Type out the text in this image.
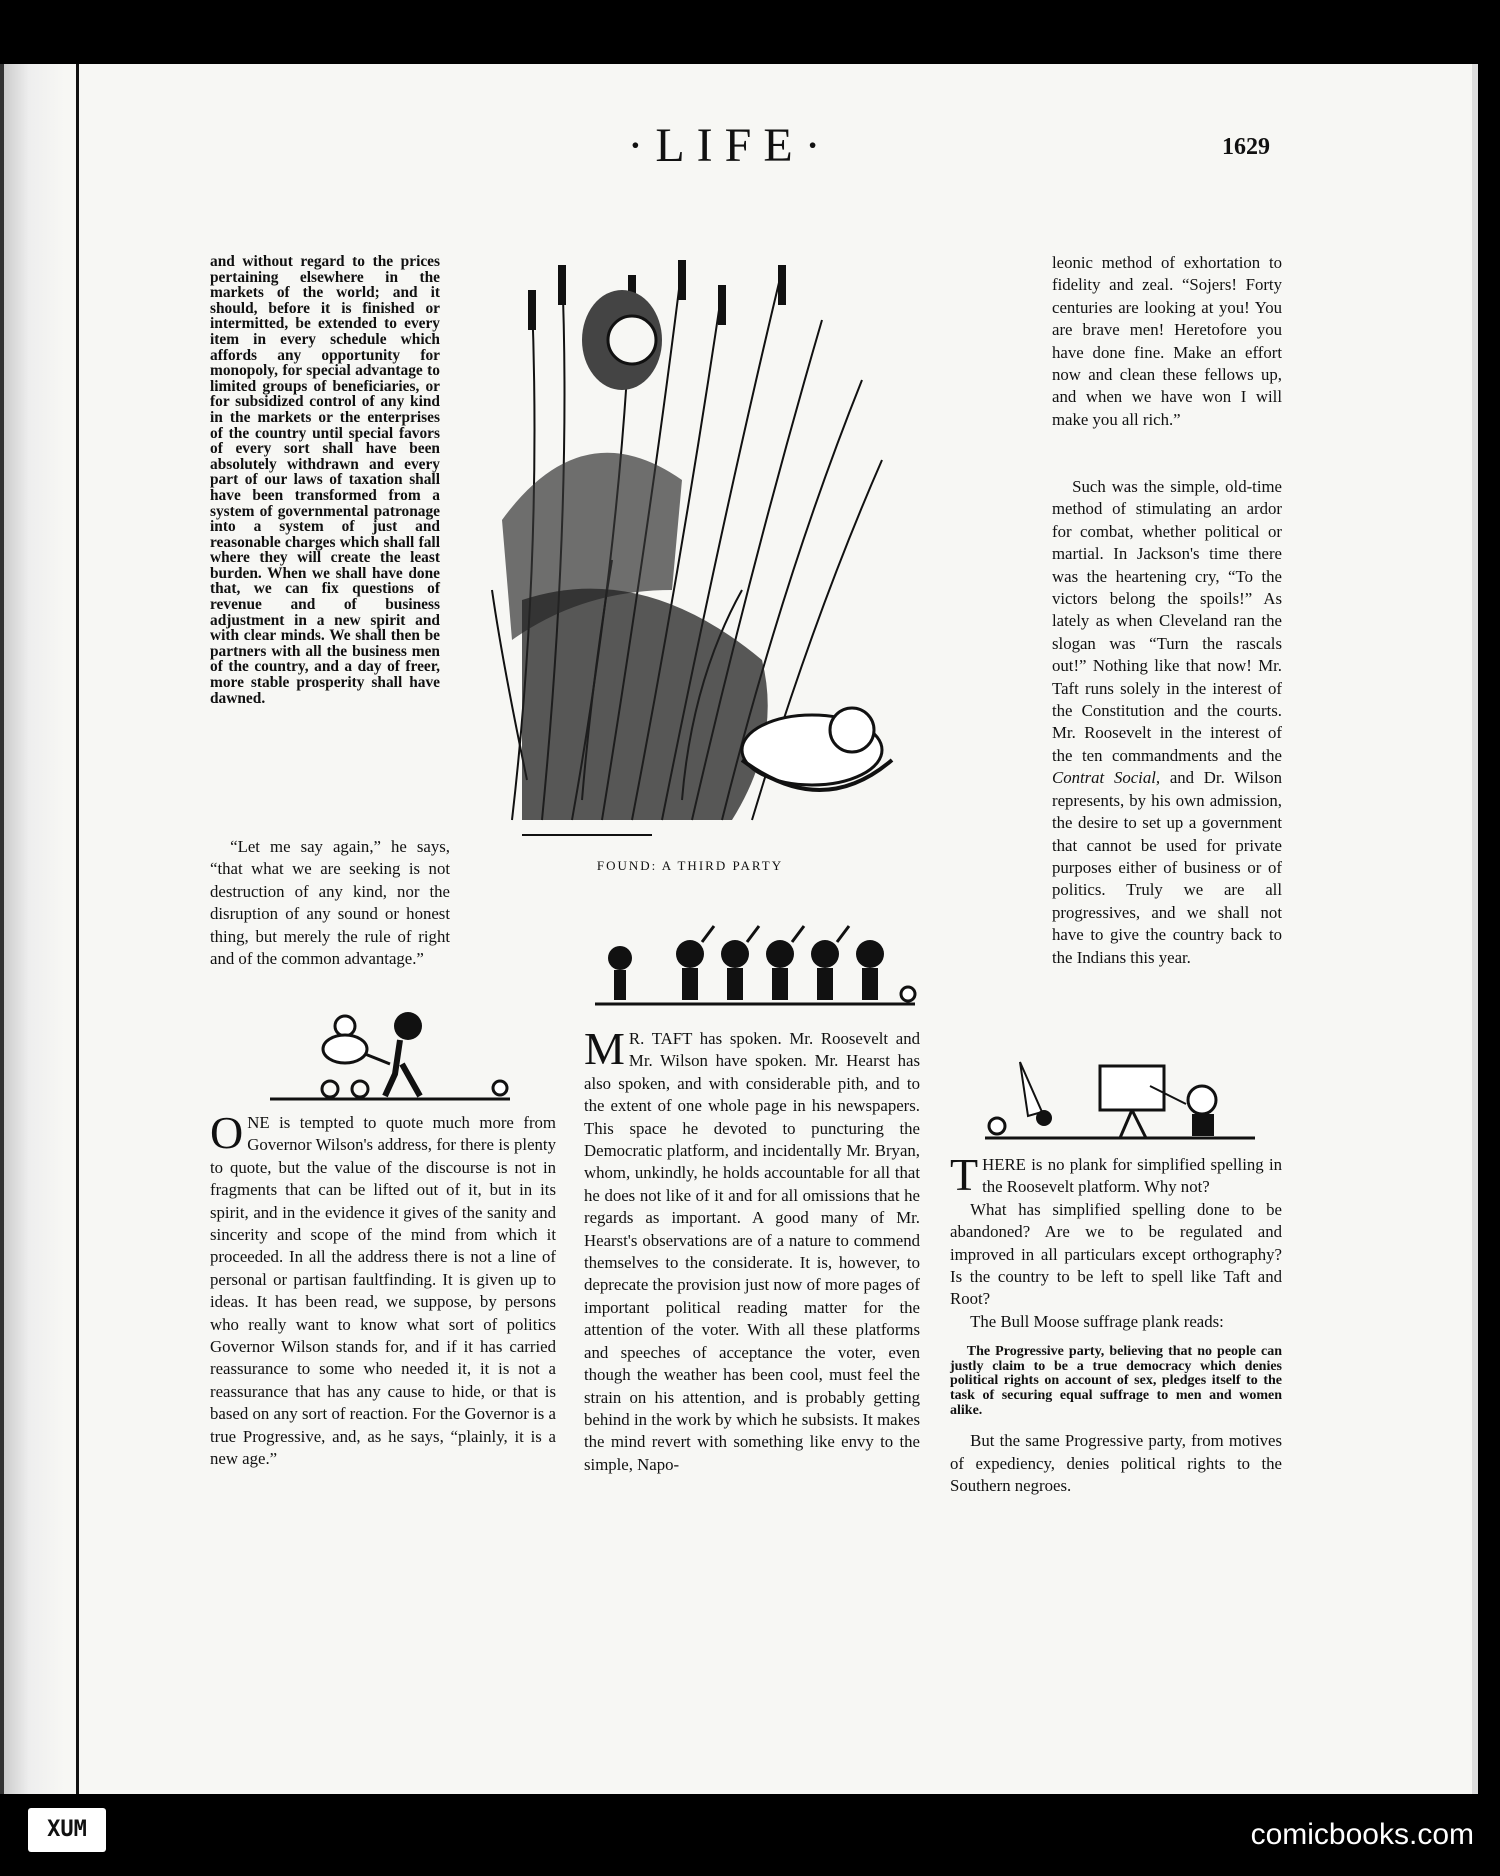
·LIFE·	1629

and without regard to the prices pertaining elsewhere in the markets of the world; and it should, before it is finished or intermitted, be extended to every item in every schedule which affords any opportunity for monopoly, for special advantage to limited groups of beneficiaries, or for subsidized control of any kind in the markets or the enterprises of the country until special favors of every sort shall have been absolutely withdrawn and every part of our laws of taxation shall have been transformed from a system of governmental patronage into a system of just and reasonable charges which shall fall where they will create the least burden. When we shall have done that, we can fix questions of revenue and of business adjustment in a new spirit and with clear minds. We shall then be partners with all the business men of the country, and a day of freer, more stable prosperity shall have dawned.

“Let me say again,” he says, “that what we are seeking is not destruction of any kind, nor the disruption of any sound or honest thing, but merely the rule of right and of the common advantage.”

ONE is tempted to quote much more from Governor Wilson's address, for there is plenty to quote, but the value of the discourse is not in fragments that can be lifted out of it, but in its spirit, and in the evidence it gives of the sanity and sincerity and scope of the mind from which it proceeded. In all the address there is not a line of personal or partisan faultfinding. It is given up to ideas. It has been read, we suppose, by persons who really want to know what sort of politics Governor Wilson stands for, and if it has carried reassurance to some who needed it, it is not a reassurance that has any cause to hide, or that is based on any sort of reaction. For the Governor is a true Progressive, and, as he says, “plainly, it is a new age.”

FOUND: A THIRD PARTY

M R. TAFT has spoken. Mr. Roosevelt and Mr. Wilson have spoken. Mr. Hearst has also spoken, and with considerable pith, and to the extent of one whole page in his newspapers. This space he devoted to puncturing the Democratic platform, and incidentally Mr. Bryan, whom, unkindly, he holds accountable for all that he does not like of it and for all omissions that he regards as important. A good many of Mr. Hearst's observations are of a nature to commend themselves to the considerate. It is, however, to deprecate the provision just now of more pages of important political reading matter for the attention of the voter. With all these platforms and speeches of acceptance the voter, even though the weather has been cool, must feel the strain on his attention, and is probably getting behind in the work by which he subsists. It makes the mind revert with something like envy to the simple, Napo-

leonic method of exhortation to fidelity and zeal. “Sojers! Forty centuries are looking at you! You are brave men! Heretofore you have done fine. Make an effort now and clean these fellows up, and when we have won I will make you all rich.”

Such was the simple, old-time method of stimulating an ardor for combat, whether political or martial. In Jackson's time there was the heartening cry, “To the victors belong the spoils!” As lately as when Cleveland ran the slogan was “Turn the rascals out!” Nothing like that now! Mr. Taft runs solely in the interest of the Constitution and the courts. Mr. Roosevelt in the interest of the ten commandments and the Contrat Social, and Dr. Wilson represents, by his own admission, the desire to set up a government that cannot be used for private purposes either of business or of politics. Truly we are all progressives, and we shall not have to give the country back to the Indians this year.

THERE is no plank for simplified spelling in the Roosevelt platform. Why not?

What has simplified spelling done to be abandoned? Are we to be regulated and improved in all particulars except orthography? Is the country to be left to spell like Taft and Root?

The Bull Moose suffrage plank reads:

The Progressive party, believing that no people can justly claim to be a true democracy which denies political rights on account of sex, pledges itself to the task of securing equal suffrage to men and women alike.

But the same Progressive party, from motives of expediency, denies political rights to the Southern negroes.

XUM	comicbooks.com
